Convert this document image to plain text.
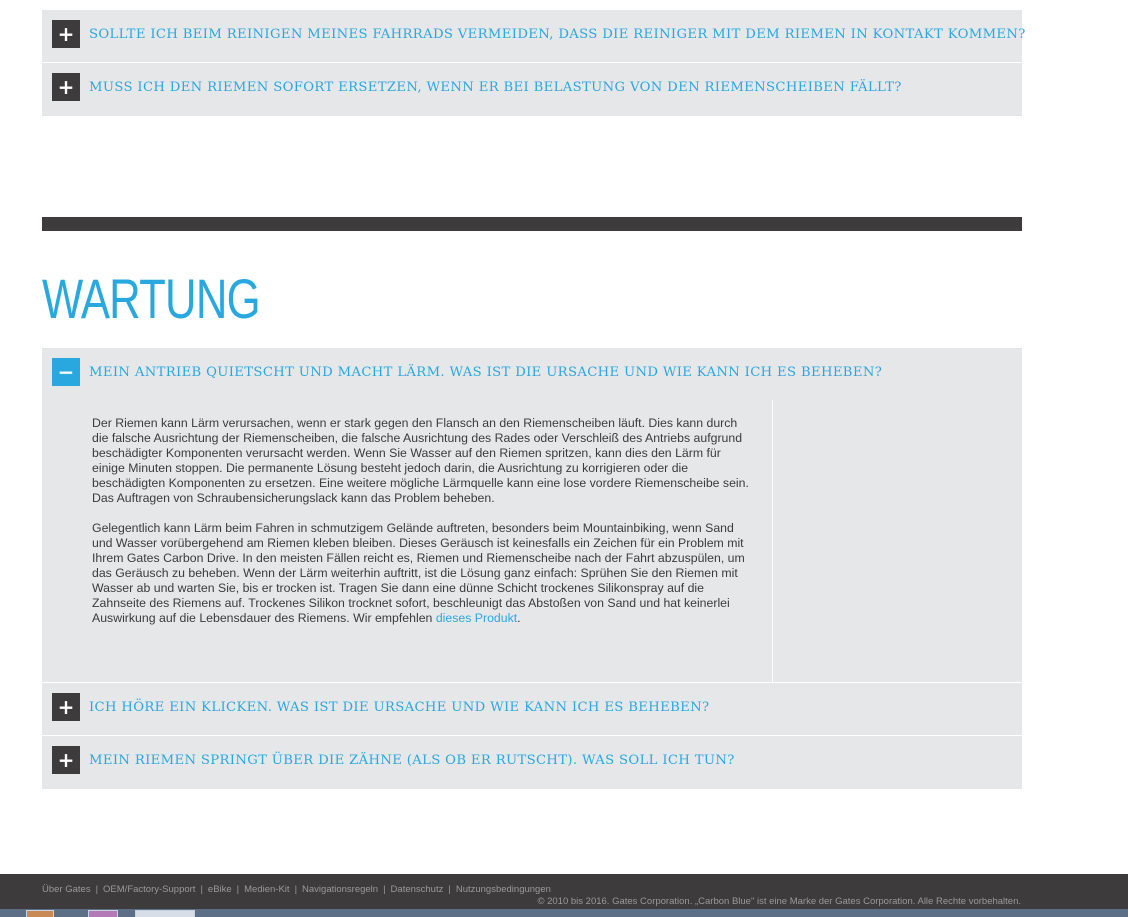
+	SOLLTE ICH BEIM REINIGEN MEINES FAHRRADS VERMEIDEN, DASS DIE REINIGER MIT DEM RIEMEN IN KONTAKT KOMMEN?
+	MUSS ICH DEN RIEMEN SOFORT ERSETZEN, WENN ER BEI BELASTUNG VON DEN RIEMENSCHEIBEN FÄLLT?
WARTUNG
−	MEIN ANTRIEB QUIETSCHT UND MACHT LÄRM. WAS IST DIE URSACHE UND WIE KANN ICH ES BEHEBEN?

Der Riemen kann Lärm verursachen, wenn er stark gegen den Flansch an den Riemenscheiben läuft. Dies kann durch die falsche Ausrichtung der Riemenscheiben, die falsche Ausrichtung des Rades oder Verschleiß des Antriebs aufgrund beschädigter Komponenten verursacht werden. Wenn Sie Wasser auf den Riemen spritzen, kann dies den Lärm für einige Minuten stoppen. Die permanente Lösung besteht jedoch darin, die Ausrichtung zu korrigieren oder die beschädigten Komponenten zu ersetzen. Eine weitere mögliche Lärmquelle kann eine lose vordere Riemenscheibe sein. Das Auftragen von Schraubensicherungslack kann das Problem beheben.

Gelegentlich kann Lärm beim Fahren in schmutzigem Gelände auftreten, besonders beim Mountainbiking, wenn Sand und Wasser vorübergehend am Riemen kleben bleiben. Dieses Geräusch ist keinesfalls ein Zeichen für ein Problem mit Ihrem Gates Carbon Drive. In den meisten Fällen reicht es, Riemen und Riemenscheibe nach der Fahrt abzuspülen, um das Geräusch zu beheben. Wenn der Lärm weiterhin auftritt, ist die Lösung ganz einfach: Sprühen Sie den Riemen mit Wasser ab und warten Sie, bis er trocken ist. Tragen Sie dann eine dünne Schicht trockenes Silikonspray auf die Zahnseite des Riemens auf. Trockenes Silikon trocknet sofort, beschleunigt das Abstoßen von Sand und hat keinerlei Auswirkung auf die Lebensdauer des Riemens. Wir empfehlen dieses Produkt.

+	ICH HÖRE EIN KLICKEN. WAS IST DIE URSACHE UND WIE KANN ICH ES BEHEBEN?
+	MEIN RIEMEN SPRINGT ÜBER DIE ZÄHNE (ALS OB ER RUTSCHT). WAS SOLL ICH TUN?
Über Gates | OEM/Factory-Support | eBike | Medien-Kit | Navigationsregeln | Datenschutz | Nutzungsbedingungen
© 2010 bis 2016. Gates Corporation. „Carbon Blue" ist eine Marke der Gates Corporation. Alle Rechte vorbehalten.
